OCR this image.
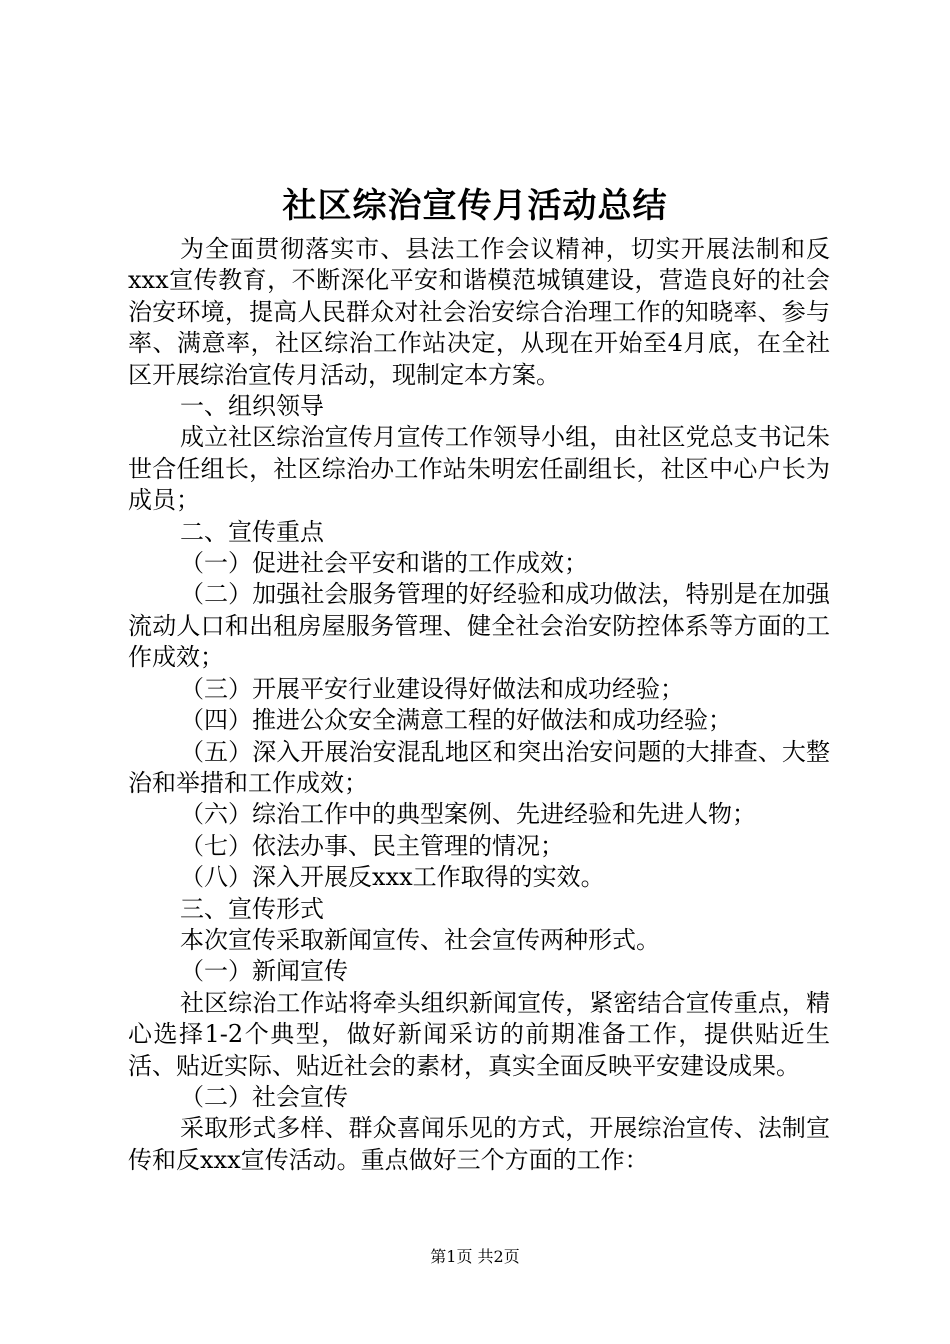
社区综治宣传月活动总结

为全面贯彻落实市、县法工作会议精神，切实开展法制和反xxx宣传教育，不断深化平安和谐模范城镇建设，营造良好的社会治安环境，提高人民群众对社会治安综合治理工作的知晓率、参与率、满意率，社区综治工作站决定，从现在开始至4月底，在全社区开展综治宣传月活动，现制定本方案。

一、组织领导

成立社区综治宣传月宣传工作领导小组，由社区党总支书记朱世合任组长，社区综治办工作站朱明宏任副组长，社区中心户长为成员；

二、宣传重点

（一）促进社会平安和谐的工作成效；

（二）加强社会服务管理的好经验和成功做法，特别是在加强流动人口和出租房屋服务管理、健全社会治安防控体系等方面的工作成效；

（三）开展平安行业建设得好做法和成功经验；

（四）推进公众安全满意工程的好做法和成功经验；

（五）深入开展治安混乱地区和突出治安问题的大排查、大整治和举措和工作成效；

（六）综治工作中的典型案例、先进经验和先进人物；

（七）依法办事、民主管理的情况；

（八）深入开展反xxx工作取得的实效。

三、宣传形式

本次宣传采取新闻宣传、社会宣传两种形式。

（一）新闻宣传

社区综治工作站将牵头组织新闻宣传，紧密结合宣传重点，精心选择1-2个典型，做好新闻采访的前期准备工作，提供贴近生活、贴近实际、贴近社会的素材，真实全面反映平安建设成果。

（二）社会宣传

采取形式多样、群众喜闻乐见的方式，开展综治宣传、法制宣传和反xxx宣传活动。重点做好三个方面的工作：

第1页 共2页
